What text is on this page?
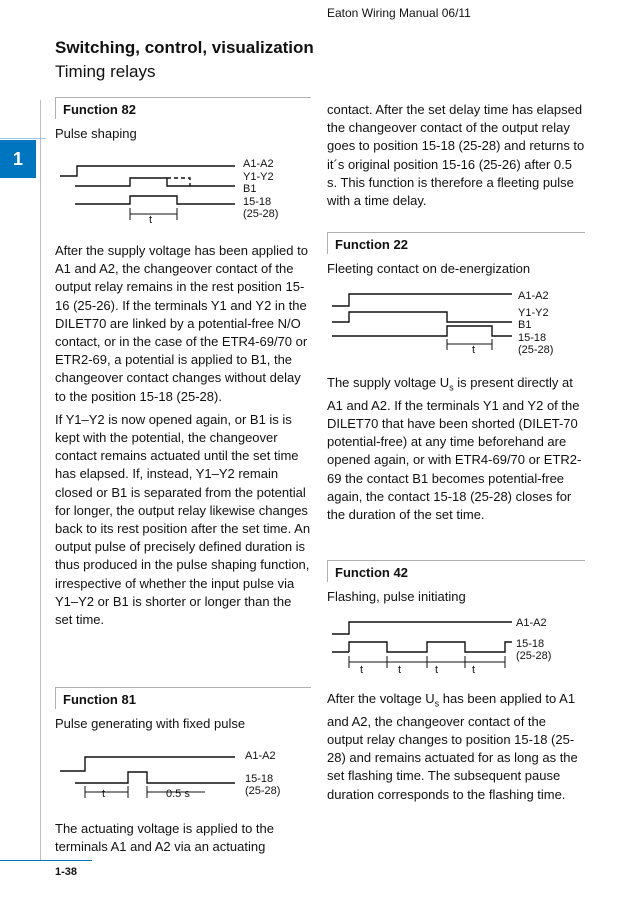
Eaton Wiring Manual 06/11
Switching, control, visualization
Timing relays
1
Function 82
Pulse shaping
t
A1-A2
Y1-Y2
B1
15-18
(25-28)

After the supply voltage has been applied to A1 and A2, the changeover contact of the output relay remains in the rest position 15-16 (25-26). If the terminals Y1 and Y2 in the DILET70 are linked by a potential-free N/O contact, or in the case of the ETR4-69/70 or ETR2-69, a potential is applied to B1, the changeover contact changes without delay to the position 15-18 (25-28).

If Y1–Y2 is now opened again, or B1 is is kept with the potential, the changeover contact remains actuated until the set time has elapsed. If, instead, Y1–Y2 remain closed or B1 is separated from the potential for longer, the output relay likewise changes back to its rest position after the set time. An output pulse of precisely defined duration is thus produced in the pulse shaping function, irrespective of whether the input pulse via Y1–Y2 or B1 is shorter or longer than the set time.

Function 81
Pulse generating with fixed pulse
t	0.5 s
A1-A2
15-18
(25-28)

The actuating voltage is applied to the terminals A1 and A2 via an actuating

contact. After the set delay time has elapsed the changeover contact of the output relay goes to position 15-18 (25-28) and returns to it´s original position 15-16 (25-26) after 0.5 s. This function is therefore a fleeting pulse with a time delay.

Function 22
Fleeting contact on de-energization
t
A1-A2
Y1-Y2
B1
15-18
(25-28)

The supply voltage $U_s$ is present directly at A1 and A2. If the terminals Y1 and Y2 of the DILET70 that have been shorted (DILET-70 potential-free) at any time beforehand are opened again, or with ETR4-69/70 or ETR2-69 the contact B1 becomes potential-free again, the contact 15-18 (25-28) closes for the duration of the set time.

Function 42
Flashing, pulse initiating
t	t	t	t
A1-A2
15-18
(25-28)

After the voltage $U_s$ has been applied to A1 and A2, the changeover contact of the output relay changes to position 15-18 (25-28) and remains actuated for as long as the set flashing time. The subsequent pause duration corresponds to the flashing time.

1-38
